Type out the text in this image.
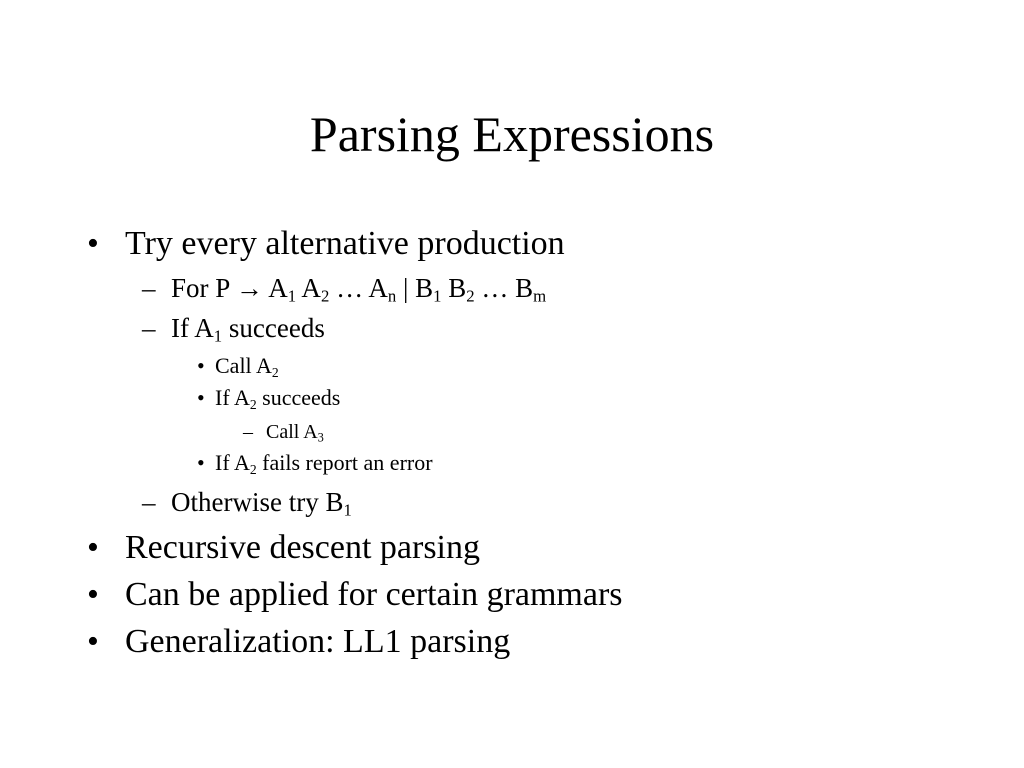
Parsing Expressions
• Try every alternative production
– For $P \to A_1$ $A_2$ … $A_n$ | $B_1$ $B_2$ … $B_m$
– If $A_1$ succeeds
• Call $A_2$
• If $A_2$ succeeds
– Call $A_3$
• If $A_2$ fails report an error
– Otherwise try $B_1$
• Recursive descent parsing
• Can be applied for certain grammars
• Generalization: LL1 parsing
